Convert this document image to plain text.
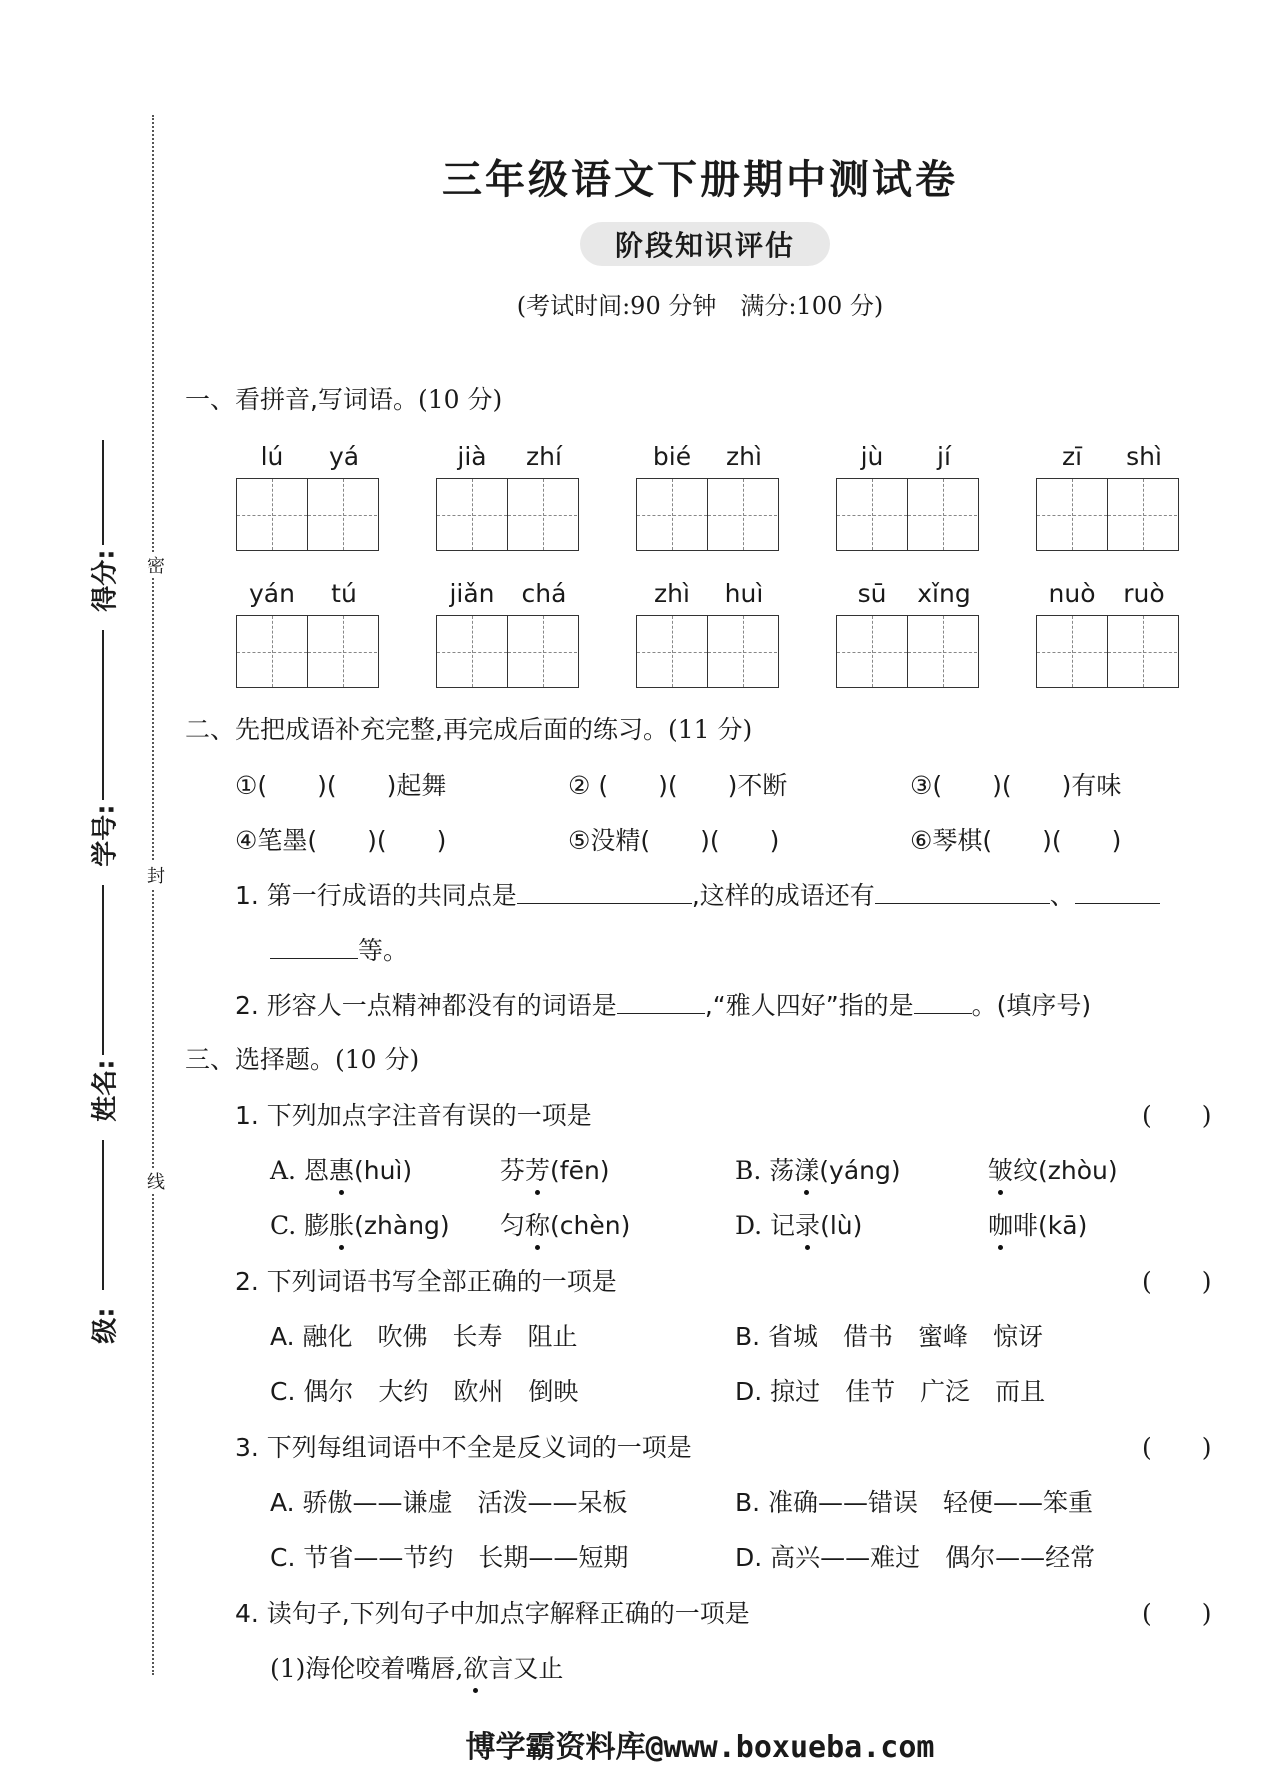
密
封
线
得分:
学号:
姓名:
级:
三年级语文下册期中测试卷
阶段知识评估
(考试时间:90 分钟　满分:100 分)
一、看拼音,写词语。(10 分)
lú	yá	jià	zhí	bié	zhì	jù	jí	zī	shì
yán	tú	jiǎn	chá	zhì	huì	sū	xǐng	nuò	ruò
二、先把成语补充完整,再完成后面的练习。(11 分)
①(　　)(　　)起舞	② (　　)(　　)不断	③(　　)(　　)有味
④笔墨(　　)(　　)	⑤没精(　　)(　　)	⑥琴棋(　　)(　　)
1. 第一行成语的共同点是	,这样的成语还有	、
等。
2. 形容人一点精神都没有的词语是	,“雅人四好”指的是 。(填序号)
三、选择题。(10 分)
1. 下列加点字注音有误的一项是	(　　)
A. 恩惠(huì)	芬芳(fēn)	B. 荡漾(yáng)	皱纹(zhòu)
C. 膨胀(zhàng) 匀称(chèn)	D. 记录(lù)	咖啡(kā)
2. 下列词语书写全部正确的一项是	(　　)
A. 融化　吹佛　长寿　阻止	B. 省城　借书　蜜峰　惊讶
C. 偶尔　大约　欧州　倒映	D. 掠过　佳节　广泛　而且
3. 下列每组词语中不全是反义词的一项是	(　　)
A. 骄傲——谦虚　活泼——呆板	B. 准确——错误　轻便——笨重
C. 节省——节约　长期——短期	D. 高兴——难过　偶尔——经常
4. 读句子,下列句子中加点字解释正确的一项是	(　　)
(1)海伦咬着嘴唇,欲言又止
博学霸资料库@www.boxueba.com
